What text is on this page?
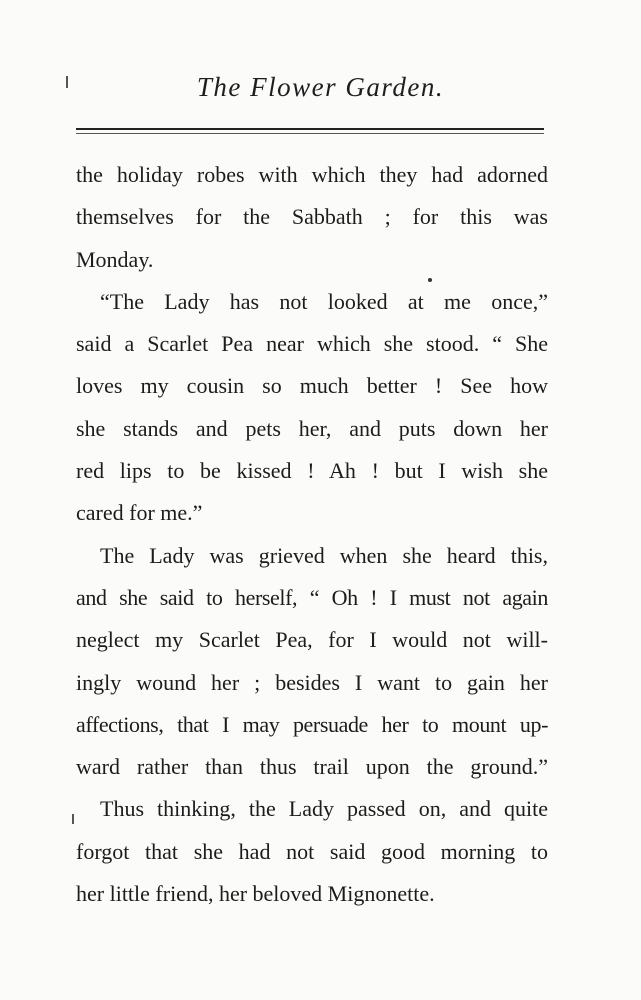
The Flower Garden.
the holiday robes with which they had adorned
themselves for the Sabbath ; for this was
Monday.
“The Lady has not looked at me once,”
said a Scarlet Pea near which she stood. “ She
loves my cousin so much better ! See how
she stands and pets her, and puts down her
red lips to be kissed ! Ah ! but I wish she
cared for me.”
The Lady was grieved when she heard this,
and she said to herself, “ Oh ! I must not again
neglect my Scarlet Pea, for I would not will-
ingly wound her ; besides I want to gain her
affections, that I may persuade her to mount up-
ward rather than thus trail upon the ground.”
Thus thinking, the Lady passed on, and quite
forgot that she had not said good morning to
her little friend, her beloved Mignonette.
